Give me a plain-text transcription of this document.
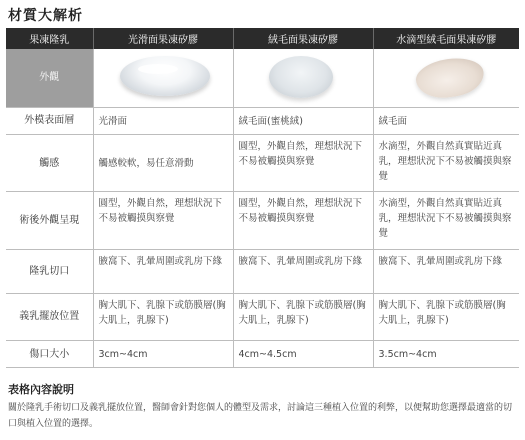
材質大解析
果凍隆乳	光滑面果凍矽膠	絨毛面果凍矽膠	水滴型絨毛面果凍矽膠
外觀	

外模表面層	光滑面	絨毛面(蜜桃絨)	絨毛面
觸感	觸感較軟，易任意滑動	圓型，外觀自然，理想狀況下不易被觸摸與察覺	水滴型，外觀自然真實貼近真乳，理想狀況下不易被觸摸與察覺
術後外觀呈現	圓型，外觀自然，理想狀況下不易被觸摸與察覺	圓型，外觀自然，理想狀況下不易被觸摸與察覺	水滴型，外觀自然真實貼近真乳，理想狀況下不易被觸摸與察覺
隆乳切口	腋窩下、乳暈周圍或乳房下緣	腋窩下、乳暈周圍或乳房下緣	腋窩下、乳暈周圍或乳房下緣
義乳擺放位置	胸大肌下、乳腺下或筋膜層(胸大肌上，乳腺下)	胸大肌下、乳腺下或筋膜層(胸大肌上，乳腺下)	胸大肌下、乳腺下或筋膜層(胸大肌上，乳腺下)
傷口大小	3cm~4cm	4cm~4.5cm	3.5cm~4cm
表格內容說明
關於隆乳手術切口及義乳擺放位置，醫師會針對您個人的體型及需求，討論這三種植入位置的利弊，以便幫助您選擇最適當的切口與植入位置的選擇。
